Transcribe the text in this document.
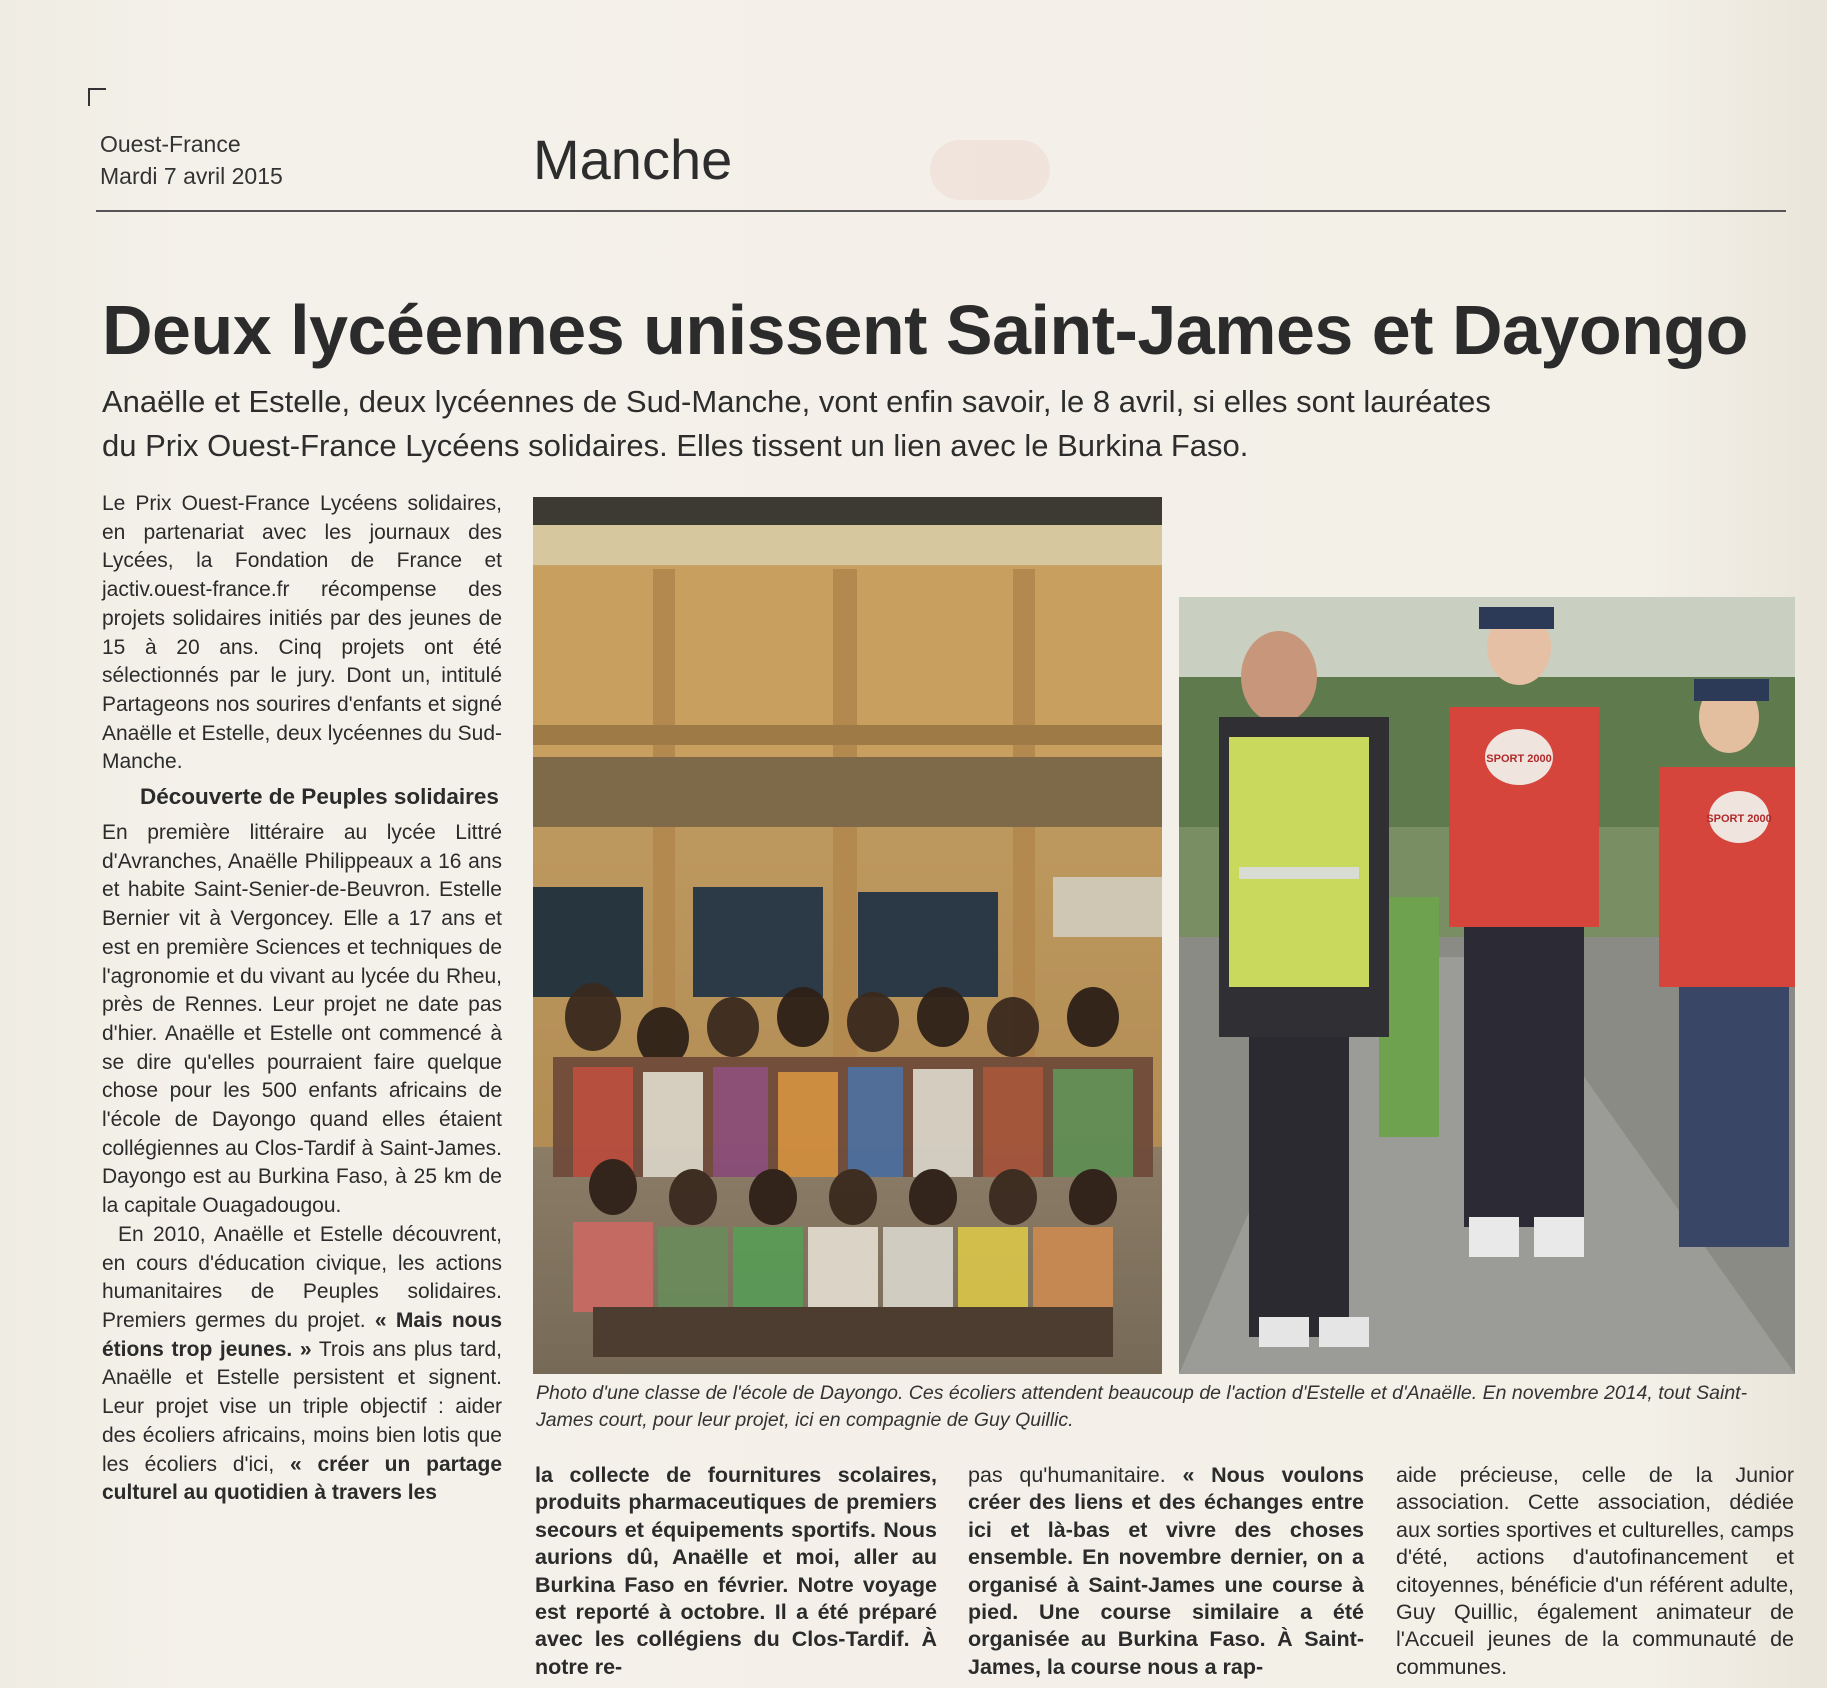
Ouest-France
Mardi 7 avril 2015	Manche
Deux lycéennes unissent Saint-James et Dayongo

Anaëlle et Estelle, deux lycéennes de Sud-Manche, vont enfin savoir, le 8 avril, si elles sont lauréates

du Prix Ouest-France Lycéens solidaires. Elles tissent un lien avec le Burkina Faso.

Le Prix Ouest-France Lycéens solidaires, en partenariat avec les journaux des Lycées, la Fondation de France et jactiv.ouest-france.fr récompense des projets solidaires initiés par des jeunes de 15 à 20 ans. Cinq projets ont été sélectionnés par le jury. Dont un, intitulé Partageons nos sourires d'enfants et signé Anaëlle et Estelle, deux lycéennes du Sud-Manche.

Découverte de Peuples solidaires

En première littéraire au lycée Littré d'Avranches, Anaëlle Philippeaux a 16 ans et habite Saint-Senier-de-Beuvron. Estelle Bernier vit à Vergoncey. Elle a 17 ans et est en première Sciences et techniques de l'agronomie et du vivant au lycée du Rheu, près de Rennes. Leur projet ne date pas d'hier. Anaëlle et Estelle ont commencé à se dire qu'elles pourraient faire quelque chose pour les 500 enfants africains de l'école de Dayongo quand elles étaient collégiennes au Clos-Tardif à Saint-James. Dayongo est au Burkina Faso, à 25 km de la capitale Ouagadougou.

En 2010, Anaëlle et Estelle découvrent, en cours d'éducation civique, les actions humanitaires de Peuples solidaires. Premiers germes du projet. « Mais nous étions trop jeunes. » Trois ans plus tard, Anaëlle et Estelle persistent et signent. Leur projet vise un triple objectif : aider des écoliers africains, moins bien lotis que les écoliers d'ici, « créer un partage culturel au quotidien à travers les

SPORT 2000
SPORT 2000
Photo d'une classe de l'école de Dayongo. Ces écoliers attendent beaucoup de l'action d'Estelle et d'Anaëlle. En novembre 2014, tout Saint-James court, pour leur projet, ici en compagnie de Guy Quillic.

la collecte de fournitures scolaires, produits pharmaceutiques de premiers secours et équipements sportifs. Nous aurions dû, Anaëlle et moi, aller au Burkina Faso en février. Notre voyage est reporté à octobre. Il a été préparé avec les collégiens du Clos-Tardif. À notre re-

pas qu'humanitaire. « Nous voulons créer des liens et des échanges entre ici et là-bas et vivre des choses ensemble. En novembre dernier, on a organisé à Saint-James une course à pied. Une course similaire a été organisée au Burkina Faso. À Saint-James, la course nous a rap-

aide précieuse, celle de la Junior association. Cette association, dédiée aux sorties sportives et culturelles, camps d'été, actions d'autofinancement et citoyennes, bénéficie d'un référent adulte, Guy Quillic, également animateur de l'Accueil jeunes de la communauté de communes.
